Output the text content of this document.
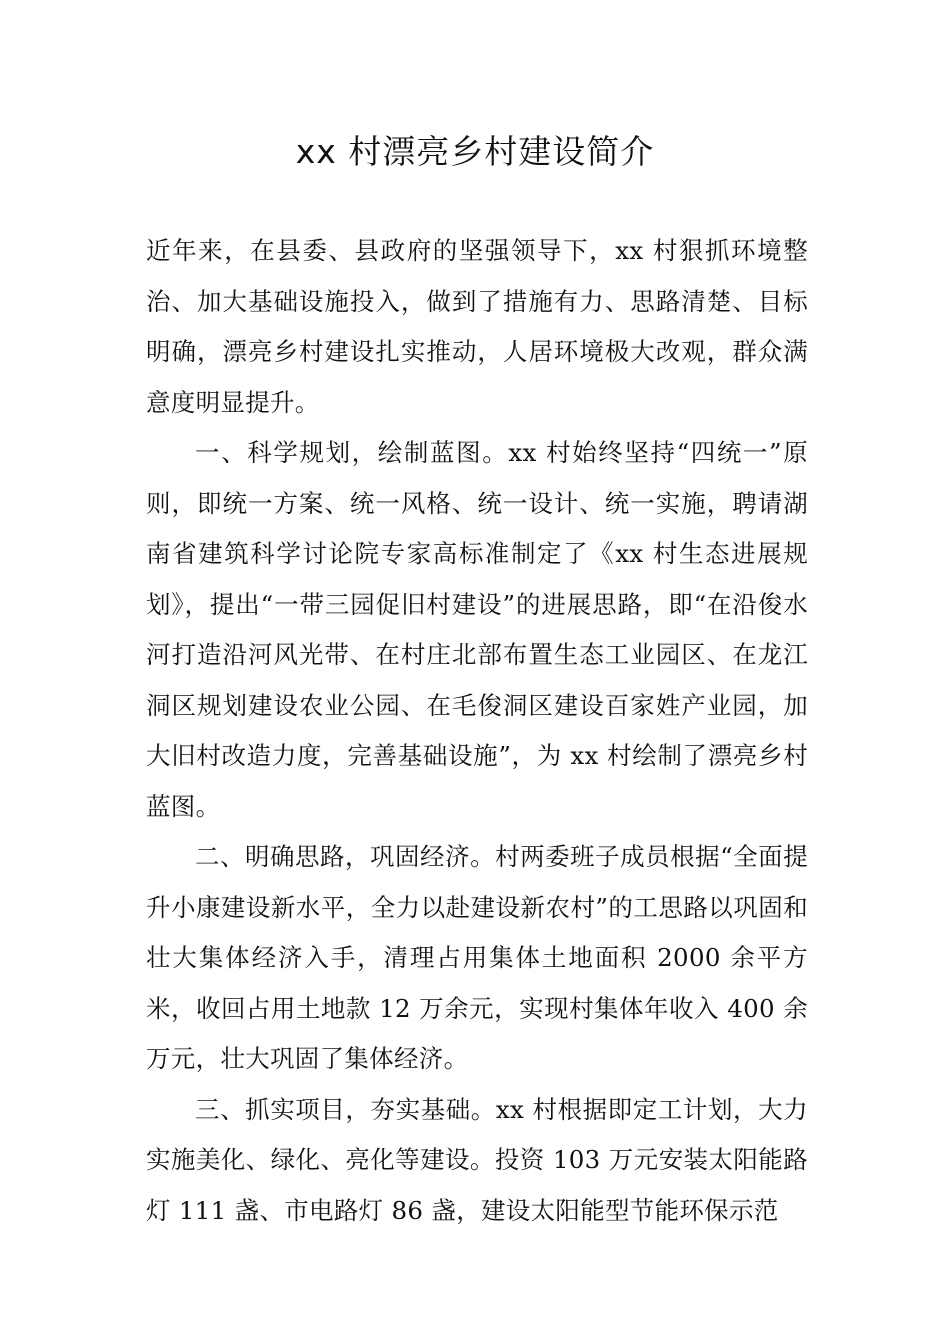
xx 村漂亮乡村建设简介

近年来，在县委、县政府的坚强领导下，xx 村狠抓环境整治、加大基础设施投入，做到了措施有力、思路清楚、目标明确，漂亮乡村建设扎实推动，人居环境极大改观，群众满意度明显提升。

一、科学规划，绘制蓝图。xx 村始终坚持“四统一”原则，即统一方案、统一风格、统一设计、统一实施，聘请湖南省建筑科学讨论院专家高标准制定了《xx 村生态进展规划》，提出“一带三园促旧村建设”的进展思路，即“在沿俊水河打造沿河风光带、在村庄北部布置生态工业园区、在龙江洞区规划建设农业公园、在毛俊洞区建设百家姓产业园，加大旧村改造力度，完善基础设施”，为 xx 村绘制了漂亮乡村蓝图。

二、明确思路，巩固经济。村两委班子成员根据“全面提升小康建设新水平，全力以赴建设新农村”的工思路以巩固和壮大集体经济入手，清理占用集体土地面积 2000 余平方米，收回占用土地款 12 万余元，实现村集体年收入 400 余万元，壮大巩固了集体经济。

三、抓实项目，夯实基础。xx 村根据即定工计划，大力实施美化、绿化、亮化等建设。投资 103 万元安装太阳能路灯 111 盏、市电路灯 86 盏，建设太阳能型节能环保示范
